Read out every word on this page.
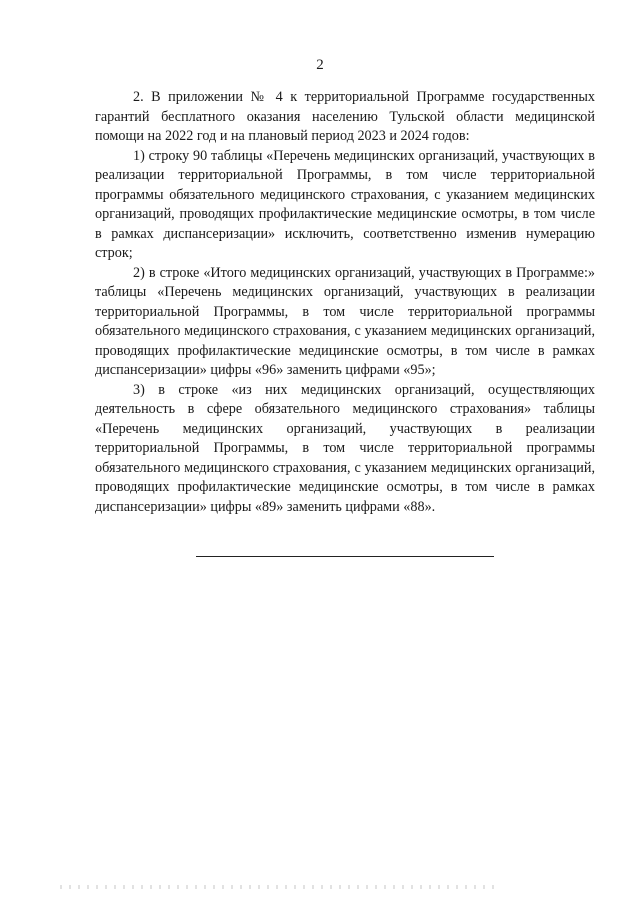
2

2. В приложении № 4 к территориальной Программе государственных гарантий бесплатного оказания населению Тульской области медицинской помощи на 2022 год и на плановый период 2023 и 2024 годов:

1) строку 90 таблицы «Перечень медицинских организаций, участвующих в реализации территориальной Программы, в том числе территориальной программы обязательного медицинского страхования, с указанием медицинских организаций, проводящих профилактические медицинские осмотры, в том числе в рамках диспансеризации» исключить, соответственно изменив нумерацию строк;

2) в строке «Итого медицинских организаций, участвующих в Программе:» таблицы «Перечень медицинских организаций, участвующих в реализации территориальной Программы, в том числе территориальной программы обязательного медицинского страхования, с указанием медицинских организаций, проводящих профилактические медицинские осмотры, в том числе в рамках диспансеризации» цифры «96» заменить цифрами «95»;

3) в строке «из них медицинских организаций, осуществляющих деятельность в сфере обязательного медицинского страхования» таблицы «Перечень медицинских организаций, участвующих в реализации территориальной Программы, в том числе территориальной программы обязательного медицинского страхования, с указанием медицинских организаций, проводящих профилактические медицинские осмотры, в том числе в рамках диспансеризации» цифры «89» заменить цифрами «88».
